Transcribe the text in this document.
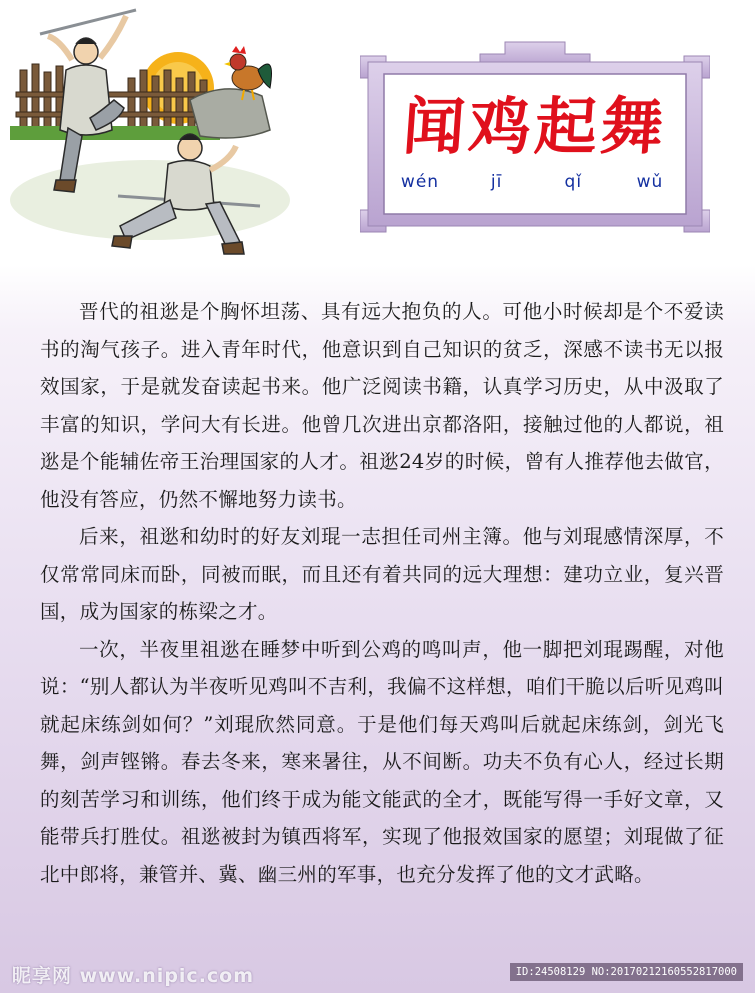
闻鸡起舞
wén	jī	qǐ	wǔ

晋代的祖逖是个胸怀坦荡、具有远大抱负的人。可他小时候却是个不爱读书的淘气孩子。进入青年时代，他意识到自己知识的贫乏，深感不读书无以报效国家，于是就发奋读起书来。他广泛阅读书籍，认真学习历史，从中汲取了丰富的知识，学问大有长进。他曾几次进出京都洛阳，接触过他的人都说，祖逖是个能辅佐帝王治理国家的人才。祖逖24岁的时候，曾有人推荐他去做官，他没有答应，仍然不懈地努力读书。

后来，祖逖和幼时的好友刘琨一志担任司州主簿。他与刘琨感情深厚，不仅常常同床而卧，同被而眠，而且还有着共同的远大理想：建功立业，复兴晋国，成为国家的栋梁之才。

一次，半夜里祖逖在睡梦中听到公鸡的鸣叫声，他一脚把刘琨踢醒，对他说：“别人都认为半夜听见鸡叫不吉利，我偏不这样想，咱们干脆以后听见鸡叫就起床练剑如何？”刘琨欣然同意。于是他们每天鸡叫后就起床练剑，剑光飞舞，剑声铿锵。春去冬来，寒来暑往，从不间断。功夫不负有心人，经过长期的刻苦学习和训练，他们终于成为能文能武的全才，既能写得一手好文章，又能带兵打胜仗。祖逖被封为镇西将军，实现了他报效国家的愿望；刘琨做了征北中郎将，兼管并、冀、幽三州的军事，也充分发挥了他的文才武略。

昵享网 www.nipic.com	ID:24508129 NO:20170212160552817000
